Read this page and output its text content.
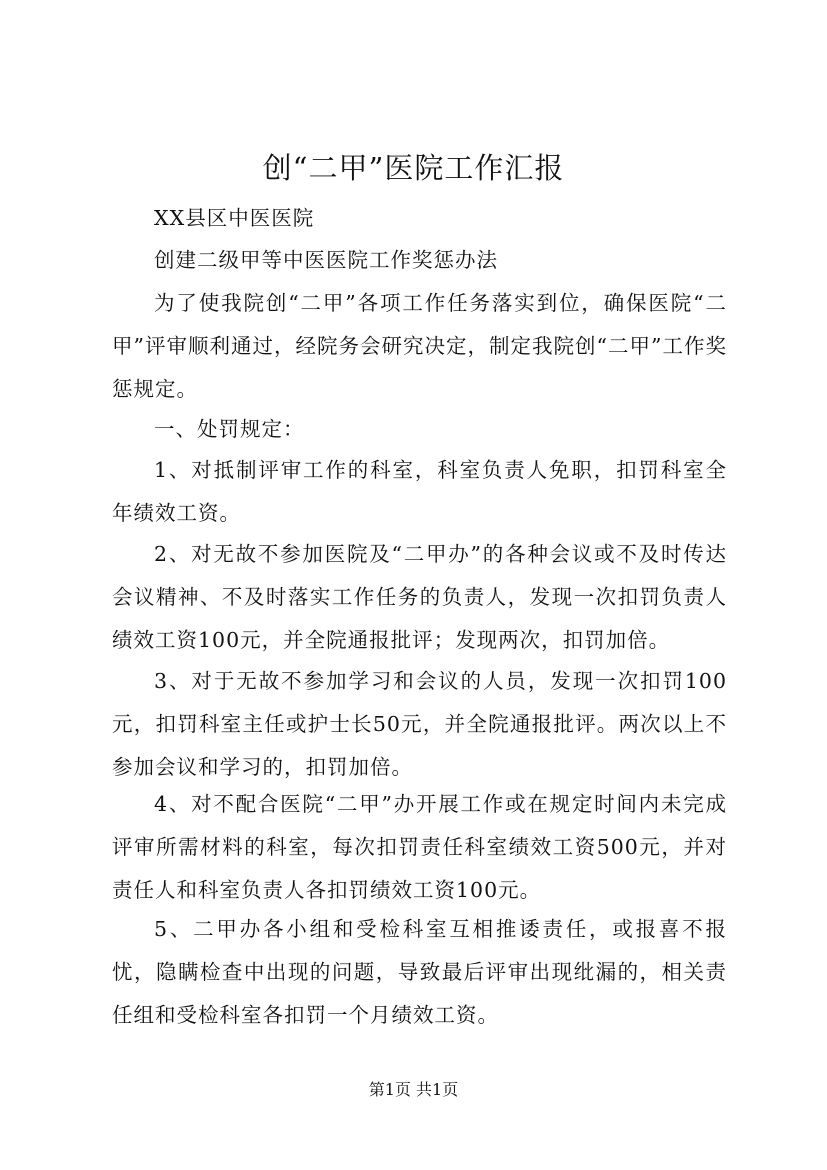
创“二甲”医院工作汇报

XX县区中医医院

创建二级甲等中医医院工作奖惩办法

为了使我院创“二甲”各项工作任务落实到位，确保医院“二甲”评审顺利通过，经院务会研究决定，制定我院创“二甲”工作奖惩规定。

一、处罚规定：

1、对抵制评审工作的科室，科室负责人免职，扣罚科室全年绩效工资。

2、对无故不参加医院及“二甲办”的各种会议或不及时传达会议精神、不及时落实工作任务的负责人，发现一次扣罚负责人绩效工资100元，并全院通报批评；发现两次，扣罚加倍。

3、对于无故不参加学习和会议的人员，发现一次扣罚100元，扣罚科室主任或护士长50元，并全院通报批评。两次以上不参加会议和学习的，扣罚加倍。

4、对不配合医院“二甲”办开展工作或在规定时间内未完成评审所需材料的科室，每次扣罚责任科室绩效工资500元，并对责任人和科室负责人各扣罚绩效工资100元。

5、二甲办各小组和受检科室互相推诿责任，或报喜不报忧，隐瞒检查中出现的问题，导致最后评审出现纰漏的，相关责任组和受检科室各扣罚一个月绩效工资。

第1页 共1页
